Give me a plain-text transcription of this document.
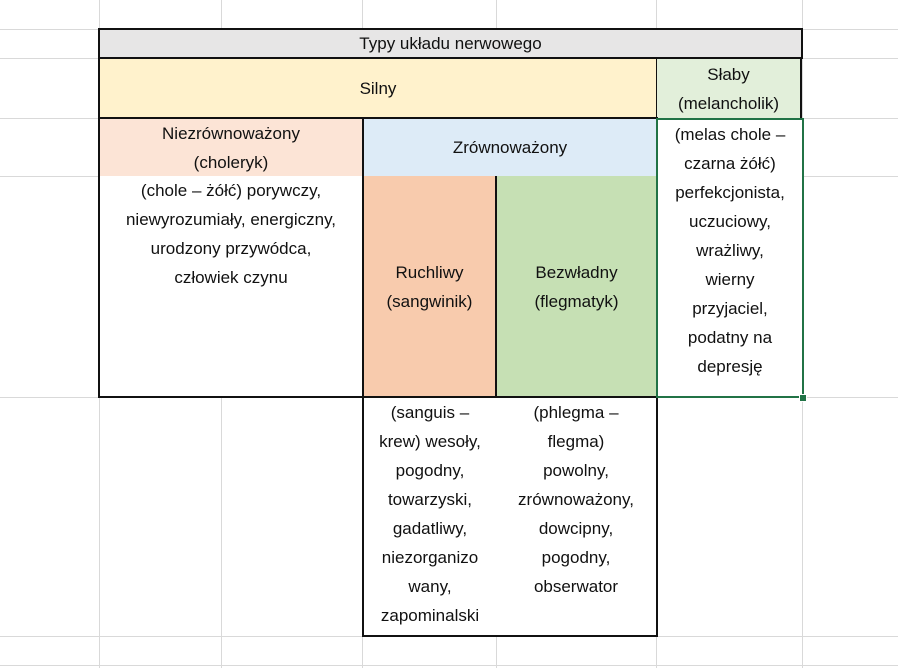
Typy układu nerwowego
Silny
Słaby
(melancholik)
Niezrównoważony
(choleryk)
(chole – żółć) porywczy,
niewyrozumiały, energiczny,
urodzony przywódca,
człowiek czynu
Zrównoważony
Ruchliwy
(sangwinik)
Bezwładny
(flegmatyk)
(sanguis –
krew) wesoły,
pogodny,
towarzyski,
gadatliwy,
niezorganizo
wany,
zapominalski
(phlegma –
flegma)
powolny,
zrównoważony,
dowcipny,
pogodny,
obserwator
(melas chole –
czarna żółć)
perfekcjonista,
uczuciowy,
wrażliwy,
wierny
przyjaciel,
podatny na
depresję
